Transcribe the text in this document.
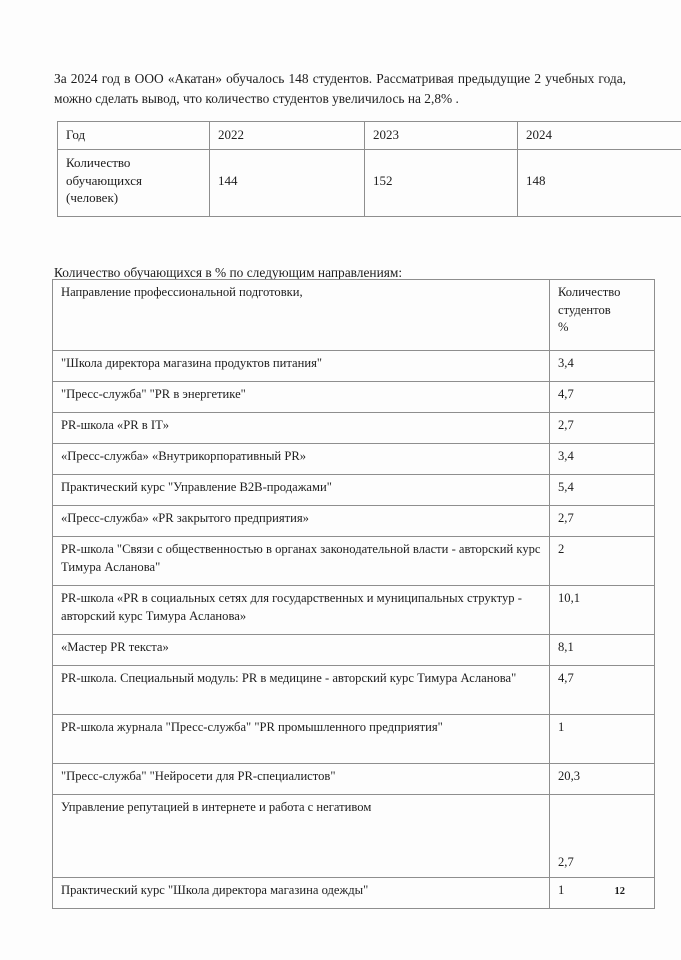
За 2024 год в ООО «Акатан» обучалось 148 студентов. Рассматривая предыдущие 2 учебных года, можно сделать вывод, что количество студентов увеличилось на 2,8% .

Год	2022	2023	2024

Количество
обучающихся
(человек)	144	152	148

Количество обучающихся в % по следующим направлениям:

Направление профессиональной подготовки,	Количество
студентов
%

"Школа директора магазина продуктов питания"	3,4
"Пресс-служба" "PR в энергетике"	4,7
PR-школа «PR в IT»	2,7
«Пресс-служба» «Внутрикорпоративный PR»	3,4
Практический курс "Управление B2B-продажами"	5,4
«Пресс-служба» «PR закрытого предприятия»	2,7
PR-школа "Связи с общественностью в органах законодательной власти - авторский курс Тимура Асланова"	2
PR-школа «PR в социальных сетях для государственных и муниципальных структур - авторский курс Тимура Асланова»	10,1
«Мастер PR текста»	8,1
PR-школа. Специальный модуль: PR в медицине - авторский курс Тимура Асланова"	4,7
PR-школа журнала "Пресс-служба" "PR промышленного предприятия"	1
"Пресс-служба" "Нейросети для PR-специалистов"	20,3
Управление репутацией в интернете и работа с негативом	2,7
Практический курс "Школа директора магазина одежды"	1	12
